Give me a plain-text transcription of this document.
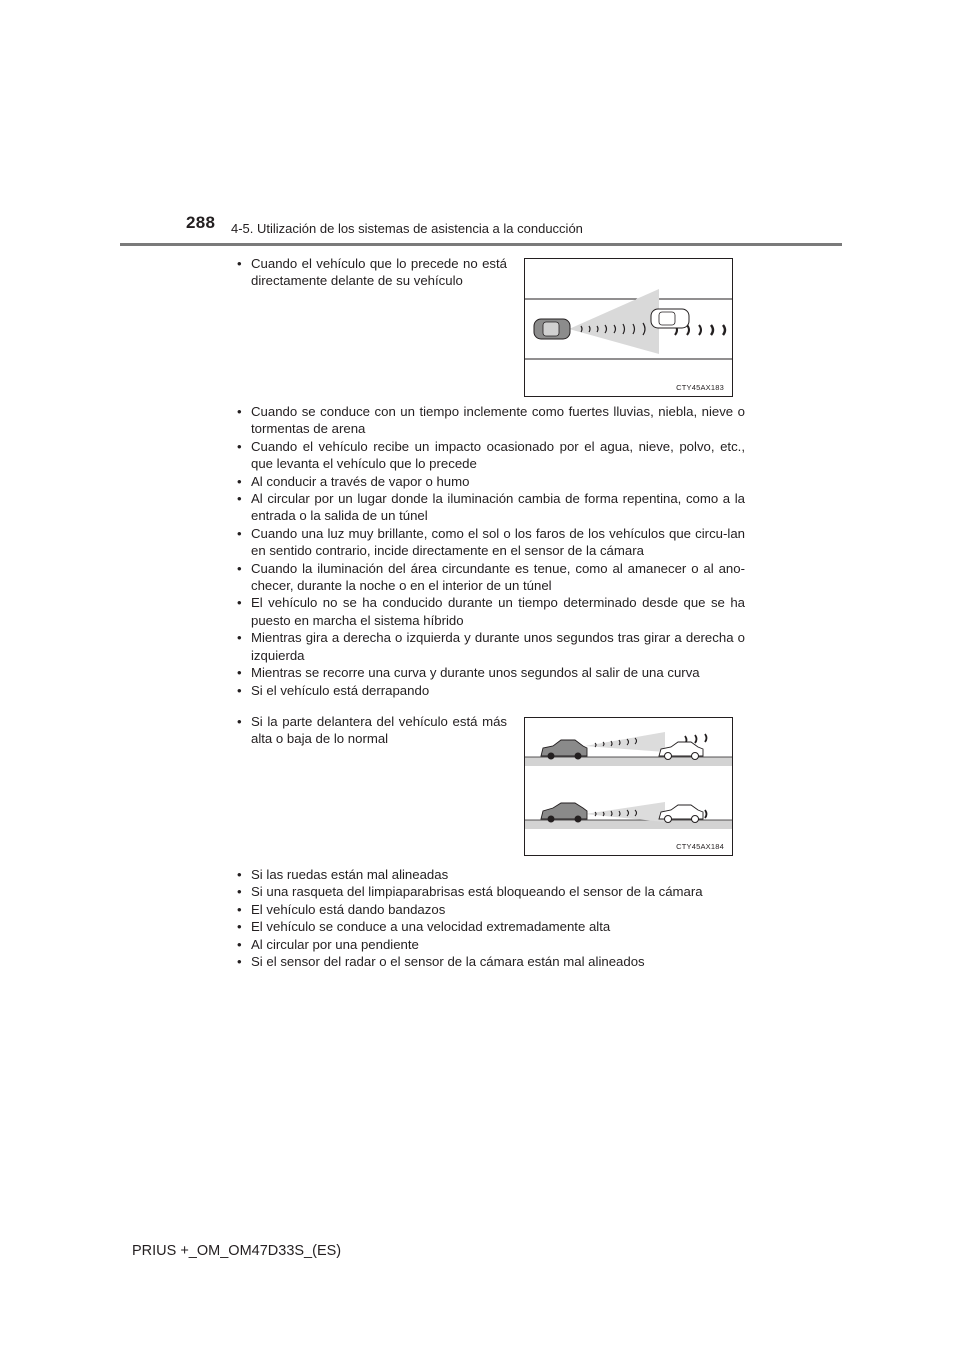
288 4-5. Utilización de los sistemas de asistencia a la conducción
• Cuando el vehículo que lo precede no está directamente delante de su vehículo
CTY45AX183
• Cuando se conduce con un tiempo inclemente como fuertes lluvias, niebla, nieve o tormentas de arena
• Cuando el vehículo recibe un impacto ocasionado por el agua, nieve, polvo, etc., que levanta el vehículo que lo precede
• Al conducir a través de vapor o humo
• Al circular por un lugar donde la iluminación cambia de forma repentina, como a la entrada o la salida de un túnel
• Cuando una luz muy brillante, como el sol o los faros de los vehículos que circu-lan en sentido contrario, incide directamente en el sensor de la cámara
• Cuando la iluminación del área circundante es tenue, como al amanecer o al ano-checer, durante la noche o en el interior de un túnel
• El vehículo no se ha conducido durante un tiempo determinado desde que se ha puesto en marcha el sistema híbrido
• Mientras gira a derecha o izquierda y durante unos segundos tras girar a derecha o izquierda
• Mientras se recorre una curva y durante unos segundos al salir de una curva
• Si el vehículo está derrapando
• Si la parte delantera del vehículo está más alta o baja de lo normal
CTY45AX184
• Si las ruedas están mal alineadas
• Si una rasqueta del limpiaparabrisas está bloqueando el sensor de la cámara
• El vehículo está dando bandazos
• El vehículo se conduce a una velocidad extremadamente alta
• Al circular por una pendiente
• Si el sensor del radar o el sensor de la cámara están mal alineados
PRIUS +_OM_OM47D33S_(ES)
